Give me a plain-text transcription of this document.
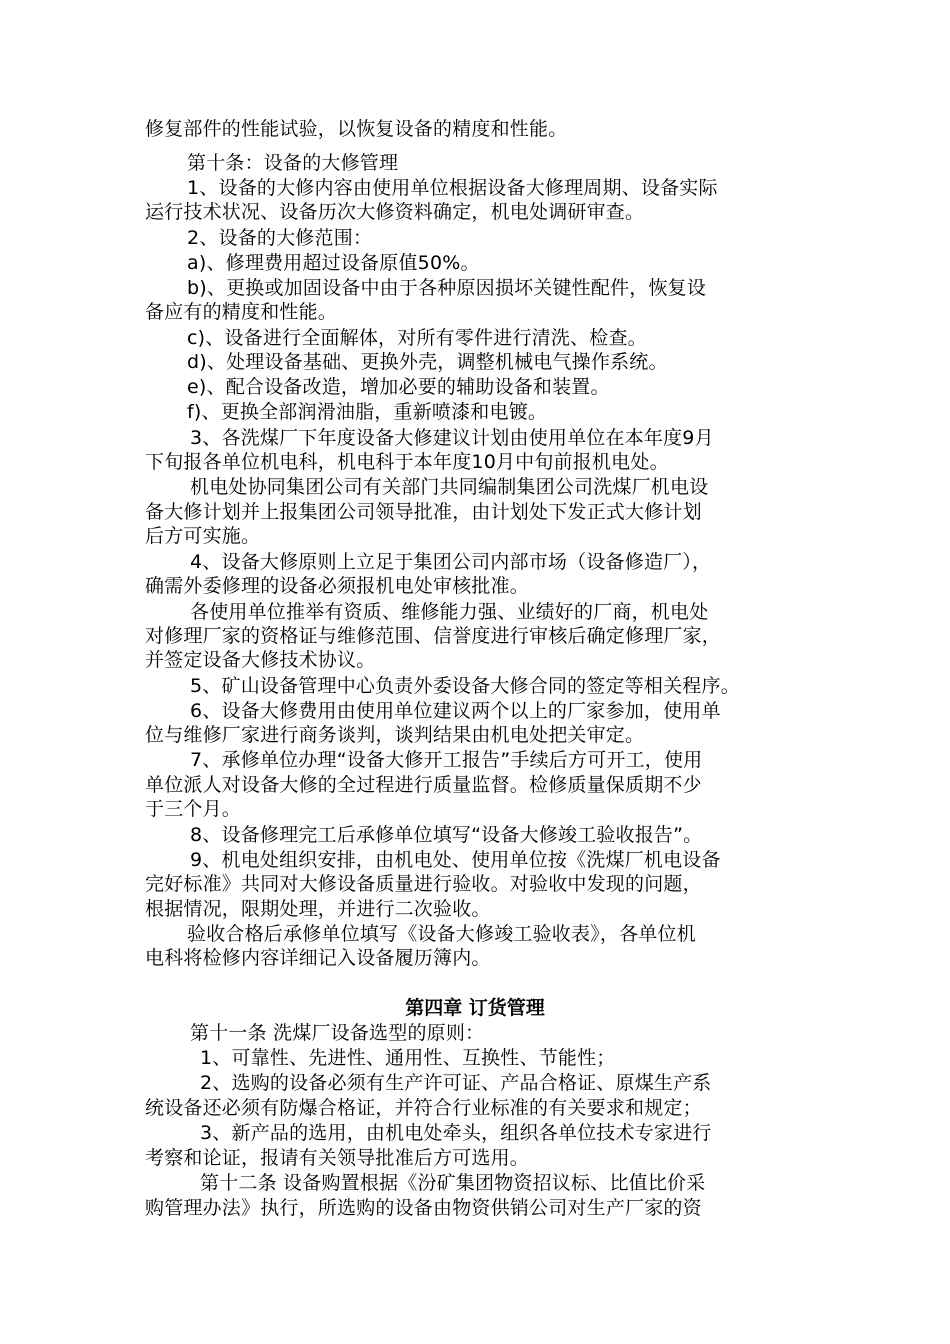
修复部件的性能试验，以恢复设备的精度和性能。
第十条：设备的大修管理
1、设备的大修内容由使用单位根据设备大修理周期、设备实际
运行技术状况、设备历次大修资料确定，机电处调研审查。
2、设备的大修范围：
a)、修理费用超过设备原值50%。
b)、更换或加固设备中由于各种原因损坏关键性配件，恢复设
备应有的精度和性能。
c)、设备进行全面解体，对所有零件进行清洗、检查。
d)、处理设备基础、更换外壳，调整机械电气操作系统。
e)、配合设备改造，增加必要的辅助设备和装置。
f)、更换全部润滑油脂，重新喷漆和电镀。
3、各洗煤厂下年度设备大修建议计划由使用单位在本年度9月
下旬报各单位机电科，机电科于本年度10月中旬前报机电处。
机电处协同集团公司有关部门共同编制集团公司洗煤厂机电设
备大修计划并上报集团公司领导批准，由计划处下发正式大修计划
后方可实施。
4、设备大修原则上立足于集团公司内部市场（设备修造厂），
确需外委修理的设备必须报机电处审核批准。
各使用单位推举有资质、维修能力强、业绩好的厂商，机电处
对修理厂家的资格证与维修范围、信誉度进行审核后确定修理厂家，
并签定设备大修技术协议。
5、矿山设备管理中心负责外委设备大修合同的签定等相关程序。
6、设备大修费用由使用单位建议两个以上的厂家参加，使用单
位与维修厂家进行商务谈判，谈判结果由机电处把关审定。
7、承修单位办理“设备大修开工报告”手续后方可开工，使用
单位派人对设备大修的全过程进行质量监督。检修质量保质期不少
于三个月。
8、设备修理完工后承修单位填写“设备大修竣工验收报告”。
9、机电处组织安排，由机电处、使用单位按《洗煤厂机电设备
完好标准》共同对大修设备质量进行验收。对验收中发现的问题，
根据情况，限期处理，并进行二次验收。
验收合格后承修单位填写《设备大修竣工验收表》，各单位机
电科将检修内容详细记入设备履历簿内。
第四章 订货管理
第十一条 洗煤厂设备选型的原则：
1、可靠性、先进性、通用性、互换性、节能性；
2、选购的设备必须有生产许可证、产品合格证、原煤生产系
统设备还必须有防爆合格证，并符合行业标准的有关要求和规定；
3、新产品的选用，由机电处牵头，组织各单位技术专家进行
考察和论证，报请有关领导批准后方可选用。
第十二条 设备购置根据《汾矿集团物资招议标、比值比价采
购管理办法》执行，所选购的设备由物资供销公司对生产厂家的资
